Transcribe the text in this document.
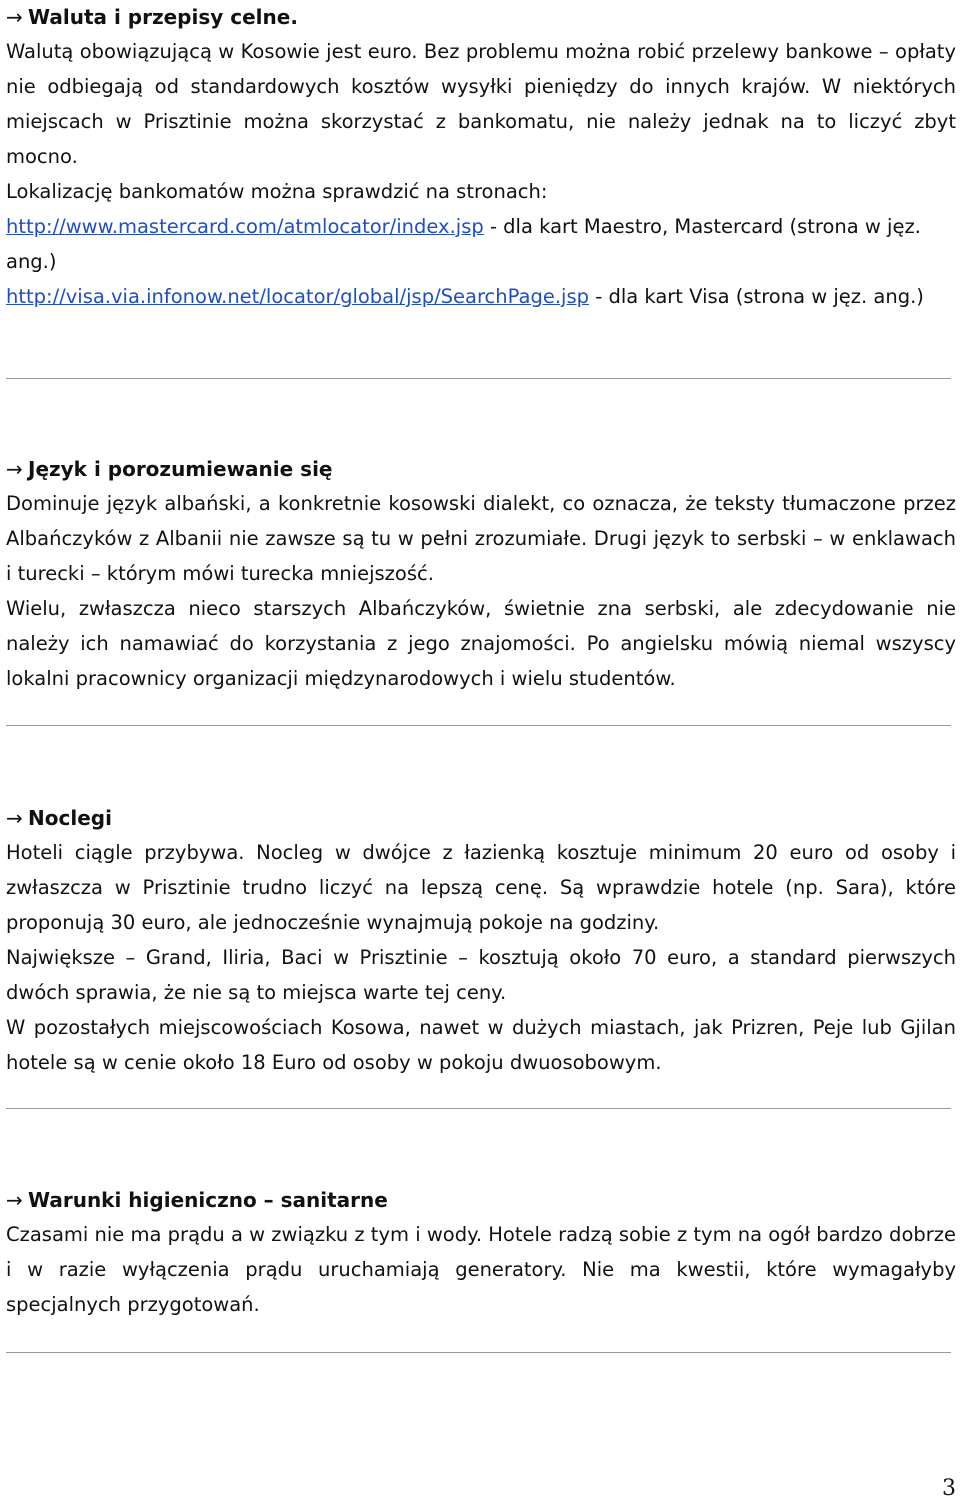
→ Waluta i przepisy celne.

Walutą obowiązującą w Kosowie jest euro. Bez problemu można robić przelewy bankowe – opłaty nie odbiegają od standardowych kosztów wysyłki pieniędzy do innych krajów. W niektórych miejscach w Prisztinie można skorzystać z bankomatu, nie należy jednak na to liczyć zbyt mocno.

Lokalizację bankomatów można sprawdzić na stronach:

http://www.mastercard.com/atmlocator/index.jsp - dla kart Maestro, Mastercard (strona w jęz. ang.)

http://visa.via.infonow.net/locator/global/jsp/SearchPage.jsp - dla kart Visa (strona w jęz. ang.)

→ Język i porozumiewanie się

Dominuje język albański, a konkretnie kosowski dialekt, co oznacza, że teksty tłumaczone przez Albańczyków z Albanii nie zawsze są tu w pełni zrozumiałe. Drugi język to serbski – w enklawach i turecki – którym mówi turecka mniejszość.

Wielu, zwłaszcza nieco starszych Albańczyków, świetnie zna serbski, ale zdecydowanie nie należy ich namawiać do korzystania z jego znajomości. Po angielsku mówią niemal wszyscy lokalni pracownicy organizacji międzynarodowych i wielu studentów.

→ Noclegi

Hoteli ciągle przybywa. Nocleg w dwójce z łazienką kosztuje minimum 20 euro od osoby i zwłaszcza w Prisztinie trudno liczyć na lepszą cenę. Są wprawdzie hotele (np. Sara), które proponują 30 euro, ale jednocześnie wynajmują pokoje na godziny.

Największe – Grand, Iliria, Baci w Prisztinie – kosztują około 70 euro, a standard pierwszych dwóch sprawia, że nie są to miejsca warte tej ceny.

W pozostałych miejscowościach Kosowa, nawet w dużych miastach, jak Prizren, Peje lub Gjilan hotele są w cenie około 18 Euro od osoby w pokoju dwuosobowym.

→ Warunki higieniczno – sanitarne

Czasami nie ma prądu a w związku z tym i wody. Hotele radzą sobie z tym na ogół bardzo dobrze i w razie wyłączenia prądu uruchamiają generatory. Nie ma kwestii, które wymagałyby specjalnych przygotowań.

3
